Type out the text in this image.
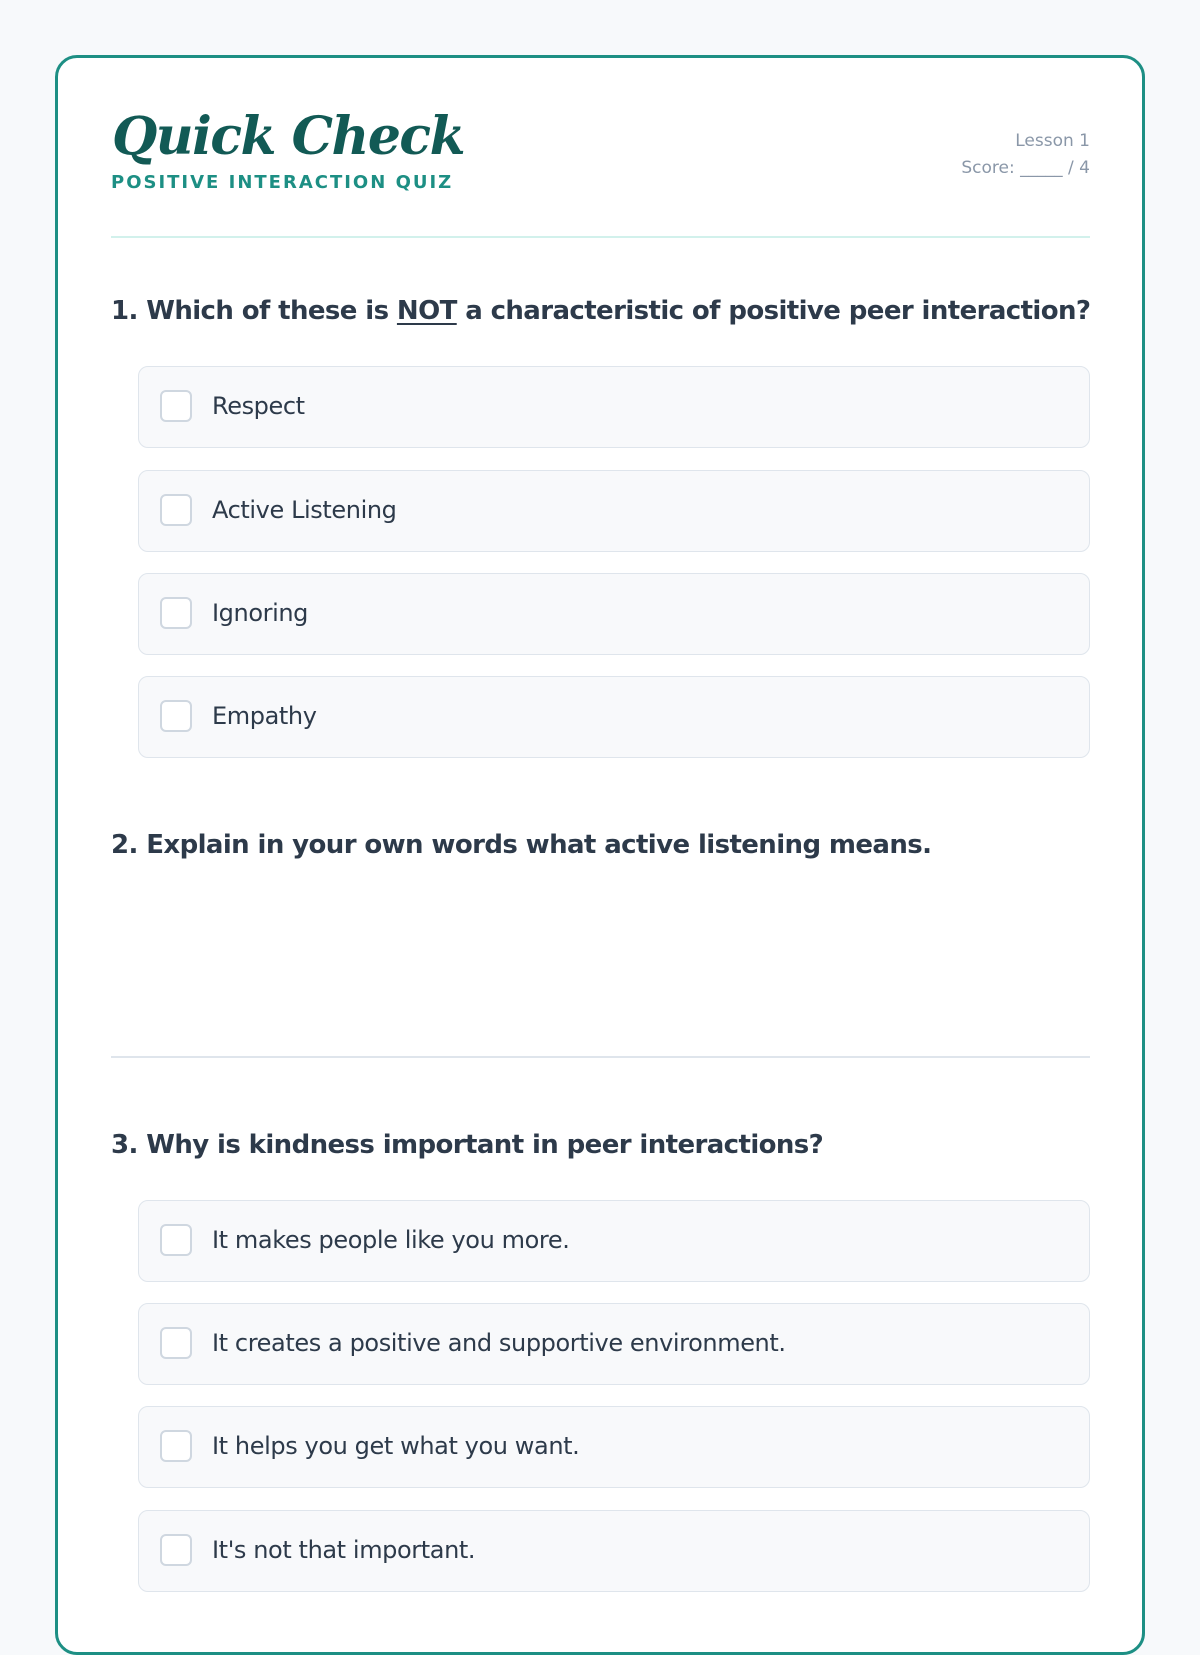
Quick Check
POSITIVE INTERACTION QUIZ
Lesson 1
Score: _____ / 4

1. Which of these is NOT a characteristic of positive peer interaction?

Respect
Active Listening
Ignoring
Empathy

2. Explain in your own words what active listening means.

3. Why is kindness important in peer interactions?

It makes people like you more.
It creates a positive and supportive environment.
It helps you get what you want.
It's not that important.
